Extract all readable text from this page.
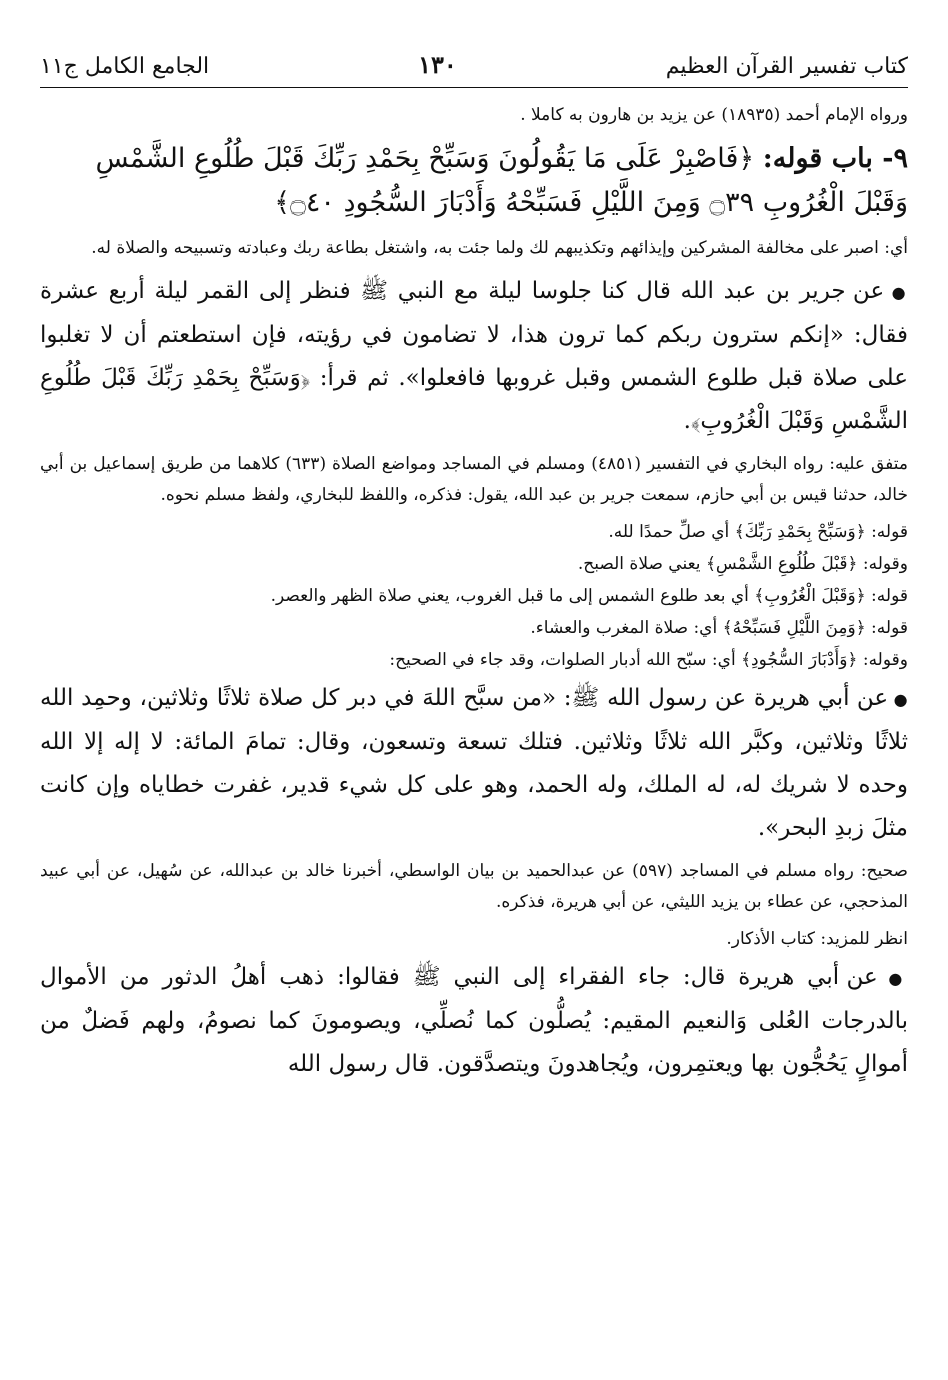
كتاب تفسير القرآن العظيم
١٣٠
الجامع الكامل ج١١

ورواه الإمام أحمد (١٨٩٣٥) عن يزيد بن هارون به كاملا .

٩- باب قوله: ﴿فَاصْبِرْ عَلَى مَا يَقُولُونَ وَسَبِّحْ بِحَمْدِ رَبِّكَ قَبْلَ طُلُوعِ الشَّمْسِ وَقَبْلَ الْغُرُوبِ ۝٣٩ وَمِنَ اللَّيْلِ فَسَبِّحْهُ وَأَدْبَارَ السُّجُودِ ۝٤٠﴾

أي: اصبر على مخالفة المشركين وإيذائهم وتكذيبهم لك ولما جئت به، واشتغل بطاعة ربك وعبادته وتسبيحه والصلاة له.

● عن جرير بن عبد الله قال كنا جلوسا ليلة مع النبي ﷺ فنظر إلى القمر ليلة أربع عشرة فقال: «إنكم سترون ربكم كما ترون هذا، لا تضامون في رؤيته، فإن استطعتم أن لا تغلبوا على صلاة قبل طلوع الشمس وقبل غروبها فافعلوا». ثم قرأ: ﴿وَسَبِّحْ بِحَمْدِ رَبِّكَ قَبْلَ طُلُوعِ الشَّمْسِ وَقَبْلَ الْغُرُوبِ﴾.

متفق عليه: رواه البخاري في التفسير (٤٨٥١) ومسلم في المساجد ومواضع الصلاة (٦٣٣) كلاهما من طريق إسماعيل بن أبي خالد، حدثنا قيس بن أبي حازم، سمعت جرير بن عبد الله، يقول: فذكره، واللفظ للبخاري، ولفظ مسلم نحوه.

قوله: ﴿وَسَبِّحْ بِحَمْدِ رَبِّكَ﴾ أي صلِّ حمدًا لله.

وقوله: ﴿قَبْلَ طُلُوعِ الشَّمْسِ﴾ يعني صلاة الصبح.

قوله: ﴿وَقَبْلَ الْغُرُوبِ﴾ أي بعد طلوع الشمس إلى ما قبل الغروب، يعني صلاة الظهر والعصر.

قوله: ﴿وَمِنَ اللَّيْلِ فَسَبِّحْهُ﴾ أي: صلاة المغرب والعشاء.

وقوله: ﴿وَأَدْبَارَ السُّجُودِ﴾ أي: سبّح الله أدبار الصلوات، وقد جاء في الصحيح:

● عن أبي هريرة عن رسول الله ﷺ: «من سبَّح اللهَ في دبر كل صلاة ثلاثًا وثلاثين، وحمِد الله ثلاثًا وثلاثين، وكبَّر الله ثلاثًا وثلاثين. فتلك تسعة وتسعون، وقال: تمامَ المائة: لا إله إلا الله وحده لا شريك له، له الملك، وله الحمد، وهو على كل شيء قدير، غفرت خطاياه وإن كانت مثلَ زبدِ البحر».

صحيح: رواه مسلم في المساجد (٥٩٧) عن عبدالحميد بن بيان الواسطي، أخبرنا خالد بن عبدالله، عن سُهيل، عن أبي عبيد المذحجي، عن عطاء بن يزيد الليثي، عن أبي هريرة، فذكره.

انظر للمزيد: كتاب الأذكار.

● عن أبي هريرة قال: جاء الفقراء إلى النبي ﷺ فقالوا: ذهب أهلُ الدثور من الأموال بالدرجات العُلى وَالنعيم المقيم: يُصلُّون كما نُصلِّي، ويصومونَ كما نصومُ، ولهم فَضلٌ من أموالٍ يَحُجُّون بها ويعتمِرون، ويُجاهدونَ ويتصدَّقون. قال رسول الله
